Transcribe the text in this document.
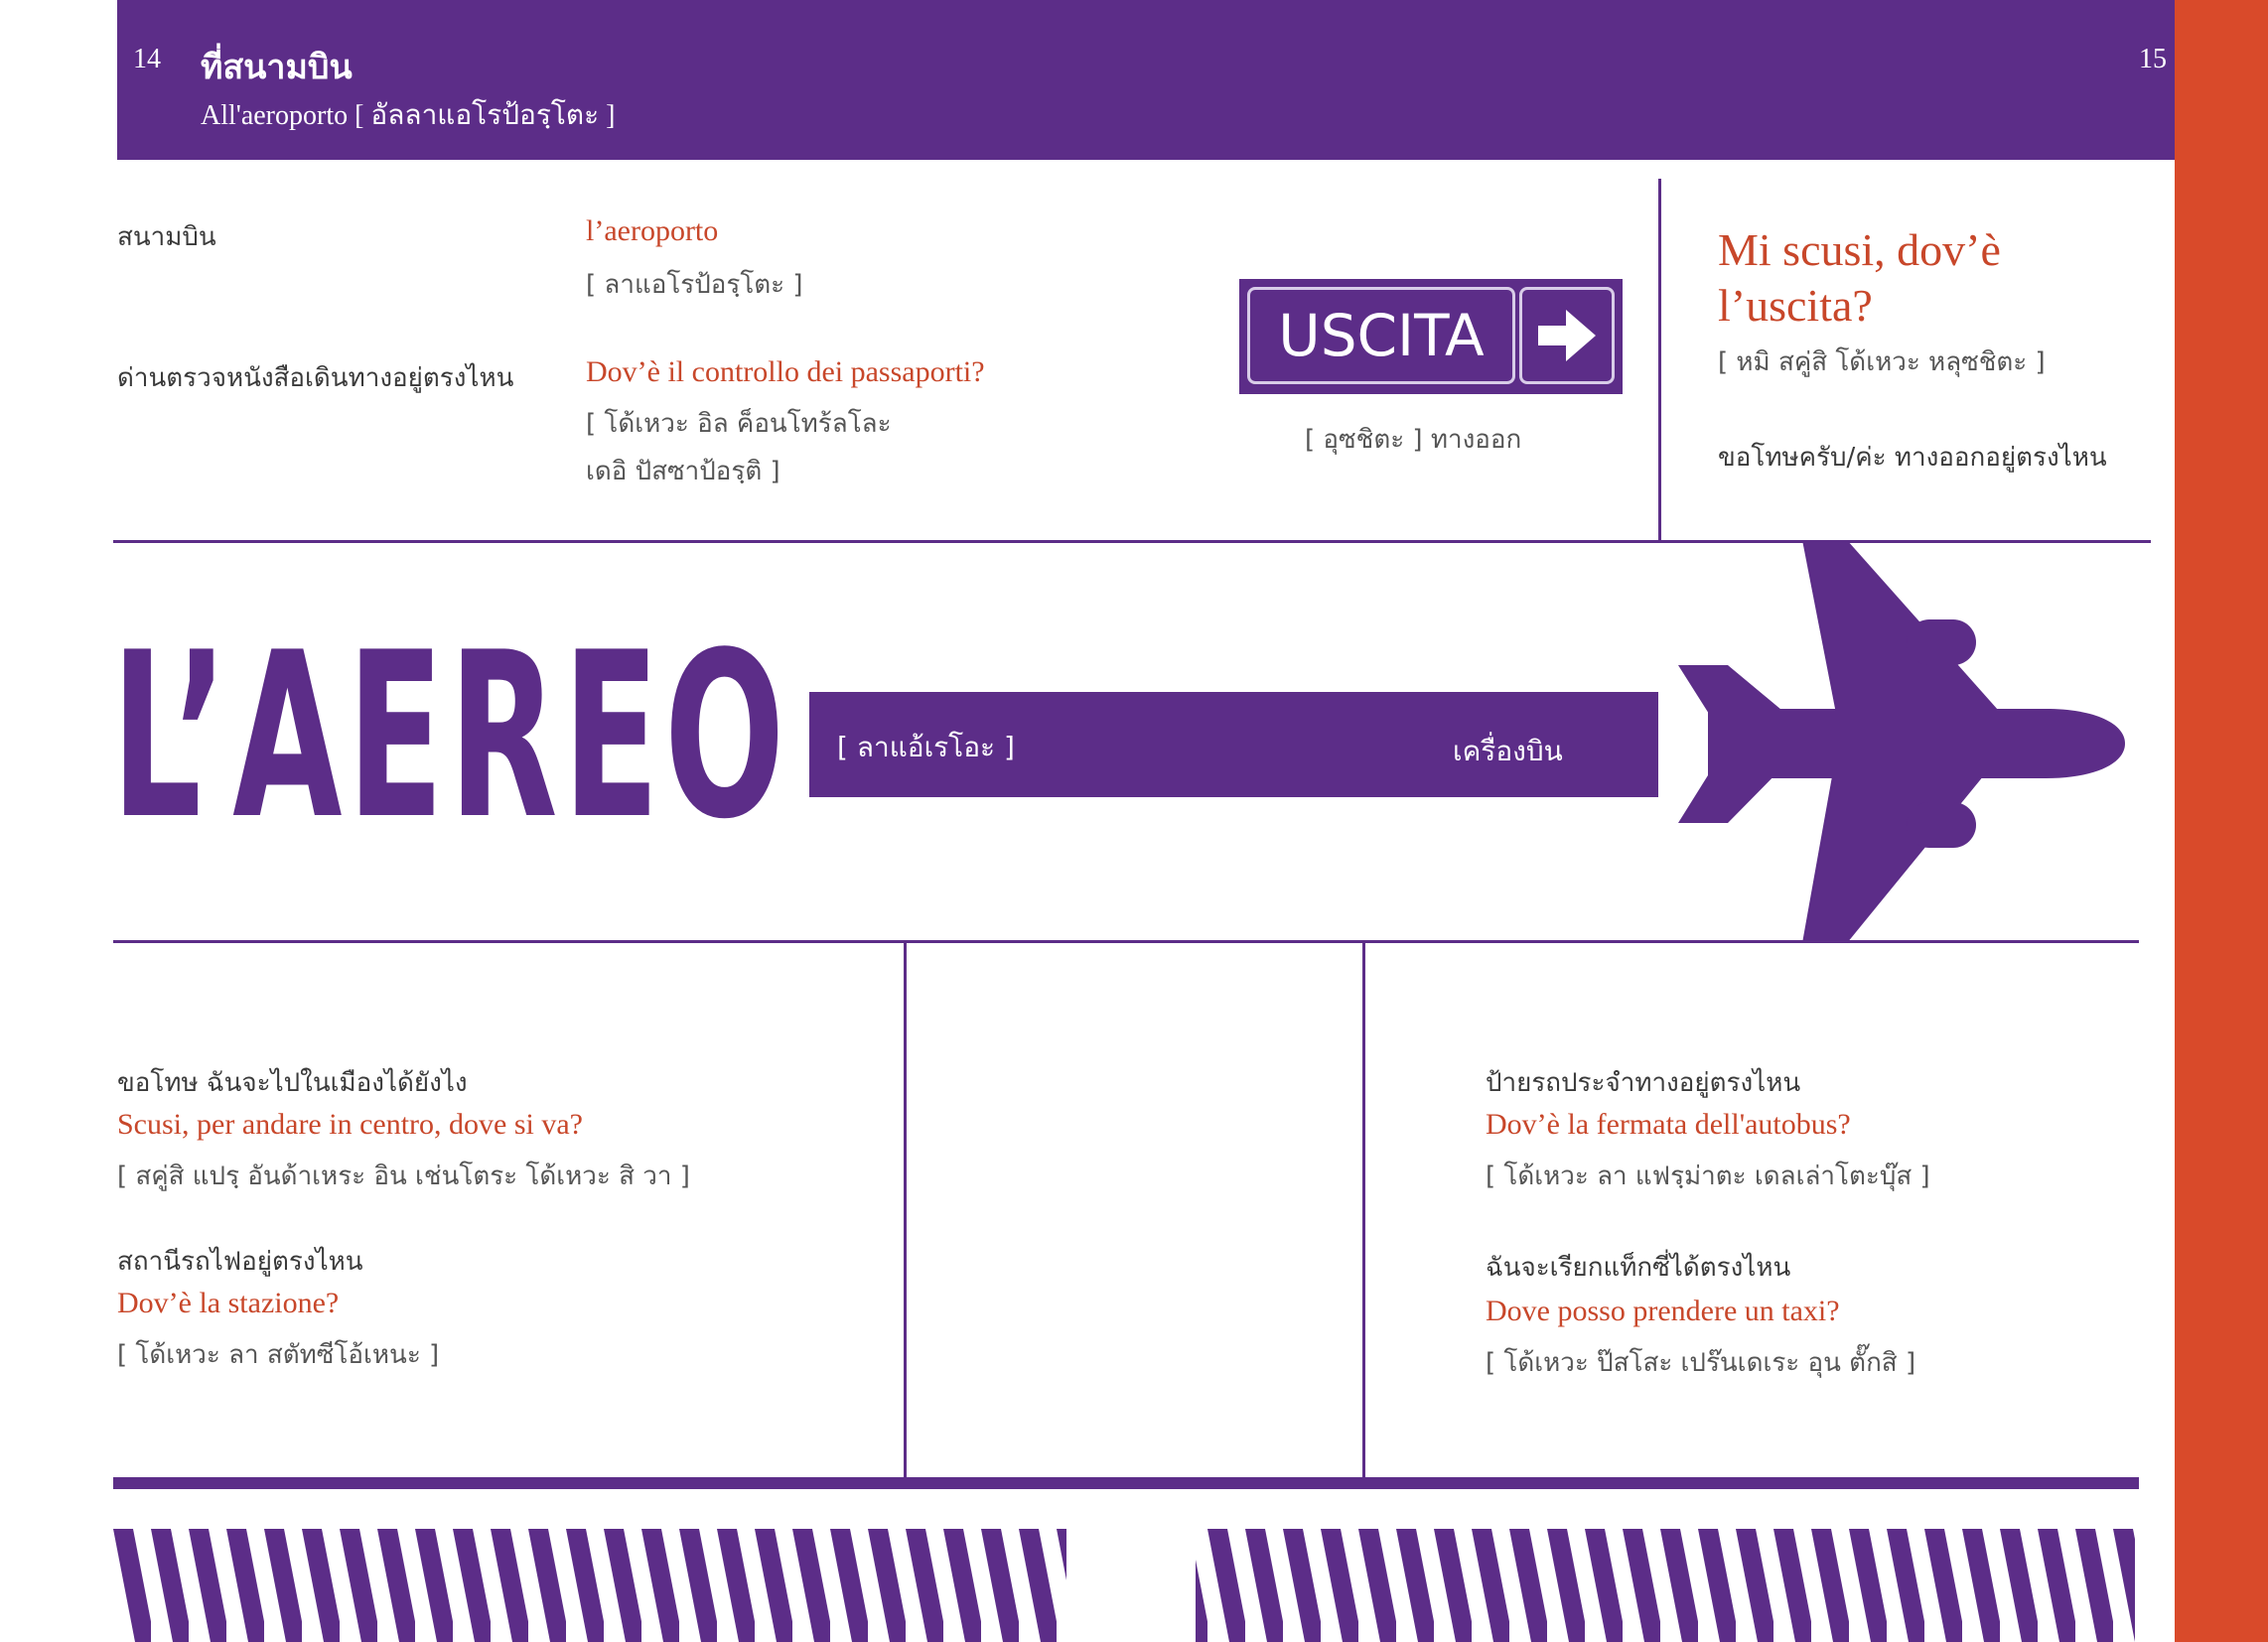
14 ที่สนามบิน
All'aeroporto [ อัลลาแอโรป้อรฺโตะ ]
15
สนามบิน	l’aeroporto
[ ลาแอโรป้อรฺโตะ ]
ด่านตรวจหนังสือเดินทางอยู่ตรงไหน Dov’è il controllo dei passaporti?
[ โด้เหวะ อิล ค็อนโทร้ลโละ
เดอิ ปัสซาป้อรฺติ ]
USCITA
[ อุซชิตะ ] ทางออก
Mi scusi, dov’è
l’uscita?
[ หมิ สคู่สิ โด้เหวะ หลุซชิตะ ]
ขอโทษครับ/ค่ะ ทางออกอยู่ตรงไหน
L’AEREO [ ลาแอ้เรโอะ ]	เครื่องบิน
ขอโทษ ฉันจะไปในเมืองได้ยังไง
Scusi, per andare in centro, dove si va?
[ สคู่สิ แปรฺ อันด้าเหระ อิน เช่นโตระ โด้เหวะ สิ วา ]
สถานีรถไฟอยู่ตรงไหน
Dov’è la stazione?
[ โด้เหวะ ลา สตัทซีโอ้เหนะ ]
ป้ายรถประจำทางอยู่ตรงไหน
Dov’è la fermata dell'autobus?
[ โด้เหวะ ลา แฟรฺม่าตะ เดลเล่าโตะบุ๊ส ]
ฉันจะเรียกแท็กซี่ได้ตรงไหน
Dove posso prendere un taxi?
[ โด้เหวะ ป๊สโสะ เปร๊นเดเระ อุน ตั๊กสิ ]
